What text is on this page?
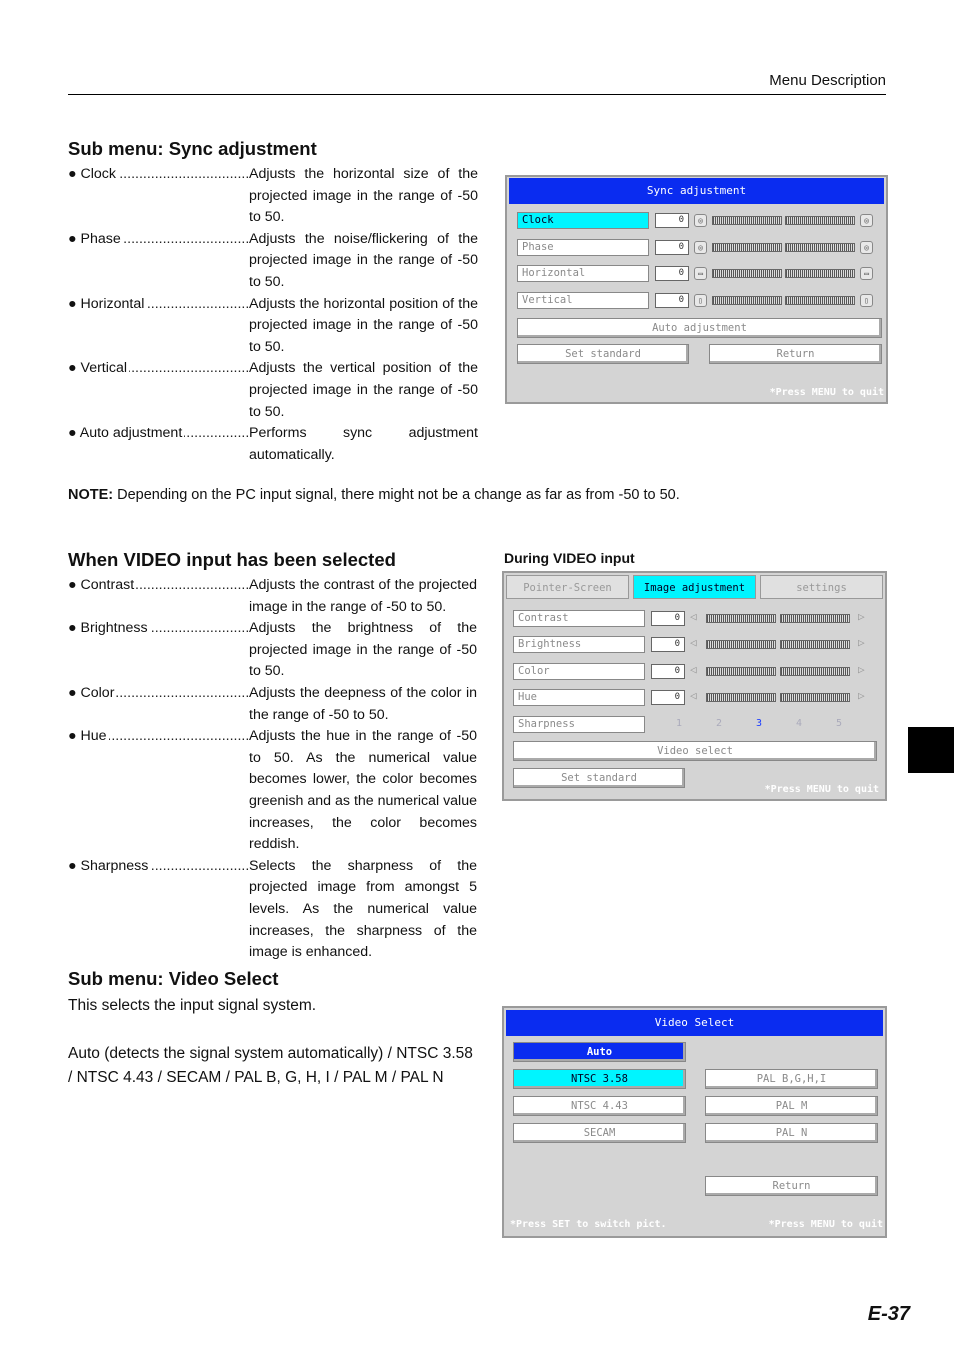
Menu Description
Sub menu: Sync adjustment
● Clock .....	Adjusts the horizontal size of the projected image in the range of -50 to 50.
● Phase .....	Adjusts the noise/flickering of the projected image in the range of -50 to 50.
● Horizontal .....	Adjusts the horizontal position of the projected image in the range of -50 to 50.
● Vertical .....	Adjusts the vertical position of the projected image in the range of -50 to 50.
● Auto adjustment .....	Performs sync adjustment automatically.
NOTE: Depending on the PC input signal, there might not be a change as far as from -50 to 50.
Sync adjustment
Clock	0	◎	◎
Phase	0	◎	◎
Horizontal	0	▭	▭
Vertical	0	▯	▯
Auto adjustment
Set standard	Return
*Press MENU to quit
When VIDEO input has been selected	During VIDEO input
● Contrast .....	Adjusts the contrast of the projected image in the range of -50 to 50.
● Brightness .....	Adjusts the brightness of the projected image in the range of -50 to 50.
● Color .....	Adjusts the deepness of the color in the range of -50 to 50.
● Hue .....	Adjusts the hue in the range of -50 to 50. As the numerical value becomes lower, the color becomes greenish and as the numerical value increases, the color becomes reddish.
● Sharpness .....	Selects the sharpness of the projected image from amongst 5 levels. As the numerical value increases, the sharpness of the image is enhanced.
Pointer-Screen	Image adjustment	settings
Contrast	0 ◁	▷
Brightness	0 ◁	▷
Color	0 ◁	▷
Hue	0 ◁	▷
Sharpness	1	2	3	4	5
Video select
Set standard
*Press MENU to quit
Sub menu: Video Select
This selects the input signal system.
Auto (detects the signal system automatically) / NTSC 3.58 / NTSC 4.43 / SECAM / PAL B, G, H, I / PAL M / PAL N
Video Select
Auto
NTSC 3.58	PAL B,G,H,I
NTSC 4.43	PAL M
SECAM	PAL N
Return
*Press SET to switch pict.	*Press MENU to quit
E-37
